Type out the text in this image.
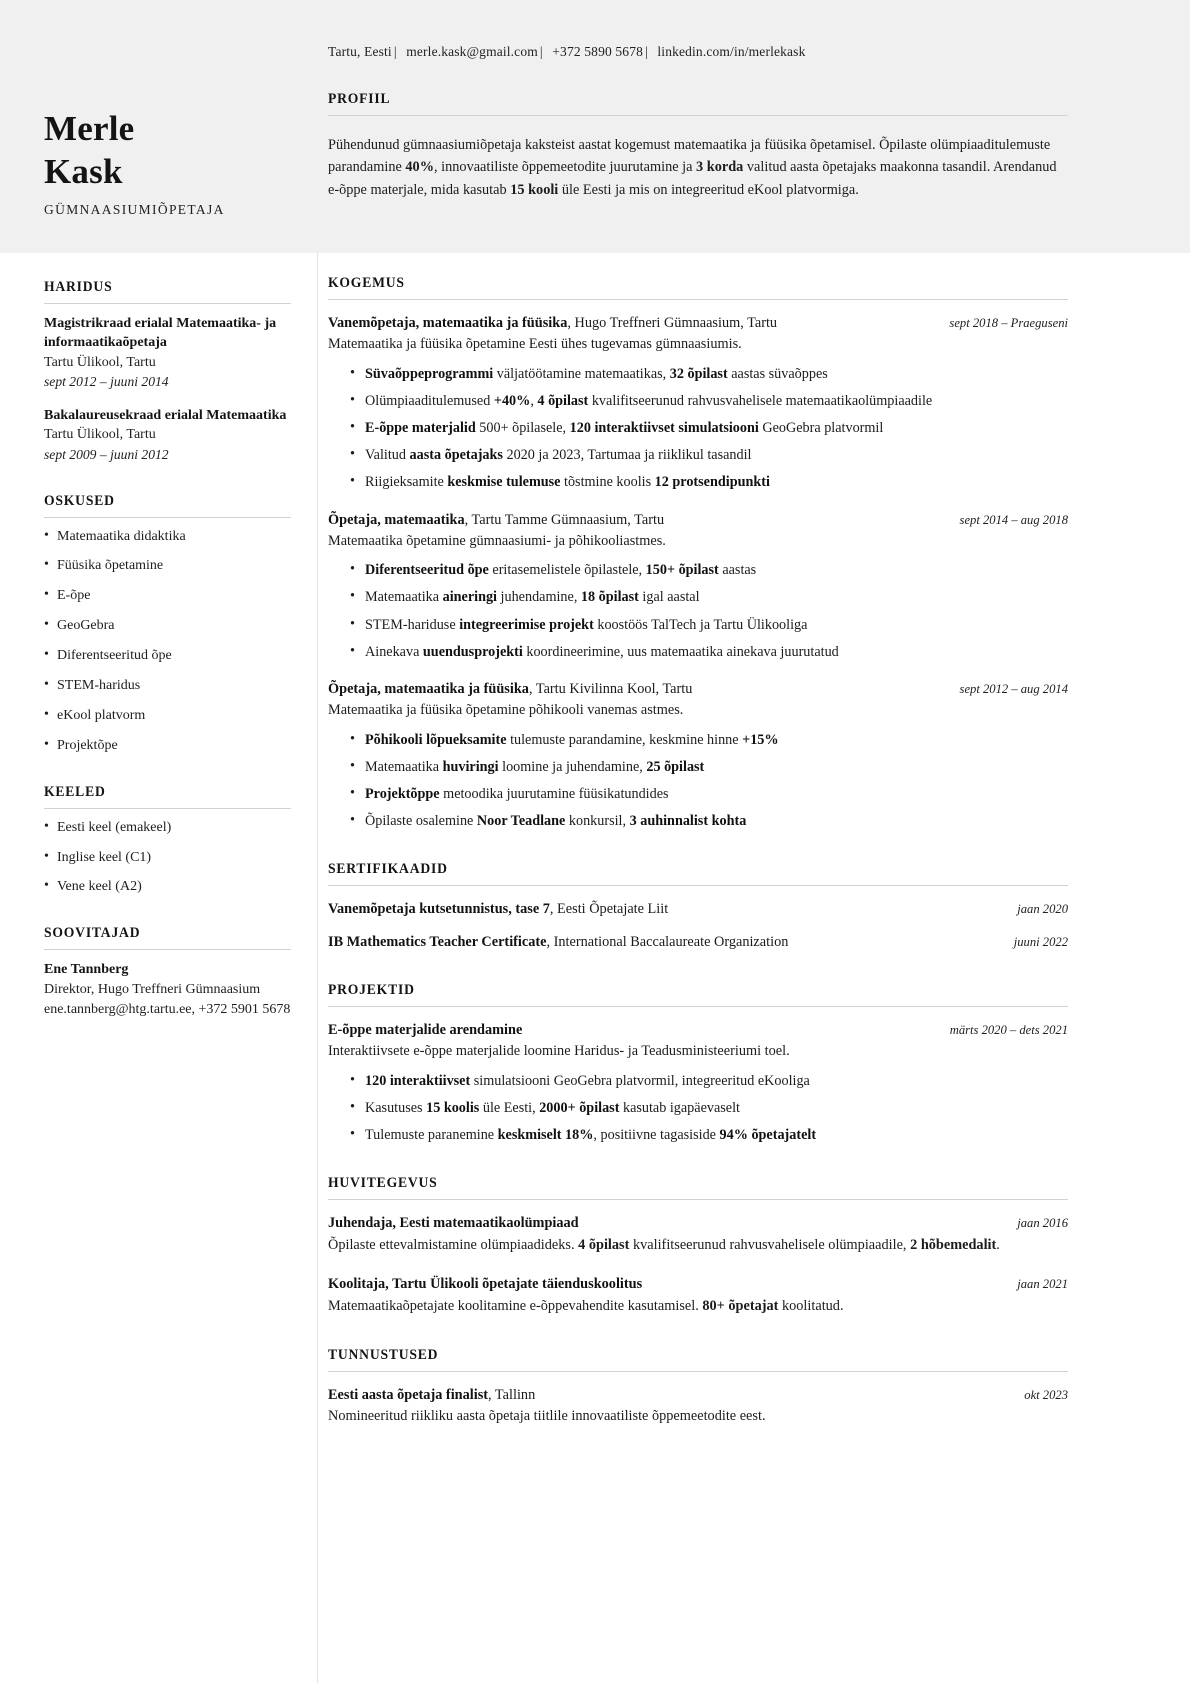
Merle
Kask
GÜMNAASIUMIÕPETAJA
Tartu, Eesti | merle.kask@gmail.com | +372 5890 5678 | linkedin.com/in/merlekask
PROFIIL
Pühendunud gümnaasiumiõpetaja kaksteist aastat kogemust matemaatika ja füüsika õpetamisel. Õpilaste olümpiaaditulemuste parandamine 40%, innovaatiliste õppemeetodite juurutamine ja 3 korda valitud aasta õpetajaks maakonna tasandil. Arendanud e-õppe materjale, mida kasutab 15 kooli üle Eesti ja mis on integreeritud eKool platvormiga.
HARIDUS
Magistrikraad erialal Matemaatika- ja informaatikaõpetaja
Tartu Ülikool, Tartu
sept 2012 – juuni 2014
Bakalaureusekraad erialal Matemaatika
Tartu Ülikool, Tartu
sept 2009 – juuni 2012
OSKUSED
• Matemaatika didaktika
• Füüsika õpetamine
• E-õpe
• GeoGebra
• Diferentseeritud õpe
• STEM-haridus
• eKool platvorm
• Projektõpe
KEELED
• Eesti keel (emakeel)
• Inglise keel (C1)
• Vene keel (A2)
SOOVITAJAD
Ene Tannberg
Direktor, Hugo Treffneri Gümnaasium
ene.tannberg@htg.tartu.ee, +372 5901 5678
KOGEMUS
Vanemõpetaja, matemaatika ja füüsika, Hugo Treffneri Gümnaasium, Tartu	sept 2018 – Praeguseni
Matemaatika ja füüsika õpetamine Eesti ühes tugevamas gümnaasiumis.
• Süvaõppeprogrammi väljatöötamine matemaatikas, 32 õpilast aastas süvaõppes
• Olümpiaaditulemused +40%, 4 õpilast kvalifitseerunud rahvusvahelisele matemaatikaolümpiaadile
• E-õppe materjalid 500+ õpilasele, 120 interaktiivset simulatsiooni GeoGebra platvormil
• Valitud aasta õpetajaks 2020 ja 2023, Tartumaa ja riiklikul tasandil
• Riigieksamite keskmise tulemuse tõstmine koolis 12 protsendipunkti
Õpetaja, matemaatika, Tartu Tamme Gümnaasium, Tartu	sept 2014 – aug 2018
Matemaatika õpetamine gümnaasiumi- ja põhikooliastmes.
• Diferentseeritud õpe eritasemelistele õpilastele, 150+ õpilast aastas
• Matemaatika aineringi juhendamine, 18 õpilast igal aastal
• STEM-hariduse integreerimise projekt koostöös TalTech ja Tartu Ülikooliga
• Ainekava uuendusprojekti koordineerimine, uus matemaatika ainekava juurutatud
Õpetaja, matemaatika ja füüsika, Tartu Kivilinna Kool, Tartu	sept 2012 – aug 2014
Matemaatika ja füüsika õpetamine põhikooli vanemas astmes.
• Põhikooli lõpueksamite tulemuste parandamine, keskmine hinne +15%
• Matemaatika huviringi loomine ja juhendamine, 25 õpilast
• Projektõppe metoodika juurutamine füüsikatundides
• Õpilaste osalemine Noor Teadlane konkursil, 3 auhinnalist kohta
SERTIFIKAADID
Vanemõpetaja kutsetunnistus, tase 7, Eesti Õpetajate Liit	jaan 2020
IB Mathematics Teacher Certificate, International Baccalaureate Organization	juuni 2022
PROJEKTID
E-õppe materjalide arendamine	märts 2020 – dets 2021
Interaktiivsete e-õppe materjalide loomine Haridus- ja Teadusministeeriumi toel.
• 120 interaktiivset simulatsiooni GeoGebra platvormil, integreeritud eKooliga
• Kasutuses 15 koolis üle Eesti, 2000+ õpilast kasutab igapäevaselt
• Tulemuste paranemine keskmiselt 18%, positiivne tagasiside 94% õpetajatelt
HUVITEGEVUS
Juhendaja, Eesti matemaatikaolümpiaad	jaan 2016
Õpilaste ettevalmistamine olümpiaadideks. 4 õpilast kvalifitseerunud rahvusvahelisele olümpiaadile, 2 hõbemedalit.
Koolitaja, Tartu Ülikooli õpetajate täienduskoolitus	jaan 2021
Matemaatikaõpetajate koolitamine e-õppevahendite kasutamisel. 80+ õpetajat koolitatud.
TUNNUSTUSED
Eesti aasta õpetaja finalist, Tallinn	okt 2023
Nomineeritud riikliku aasta õpetaja tiitlile innovaatiliste õppemeetodite eest.
